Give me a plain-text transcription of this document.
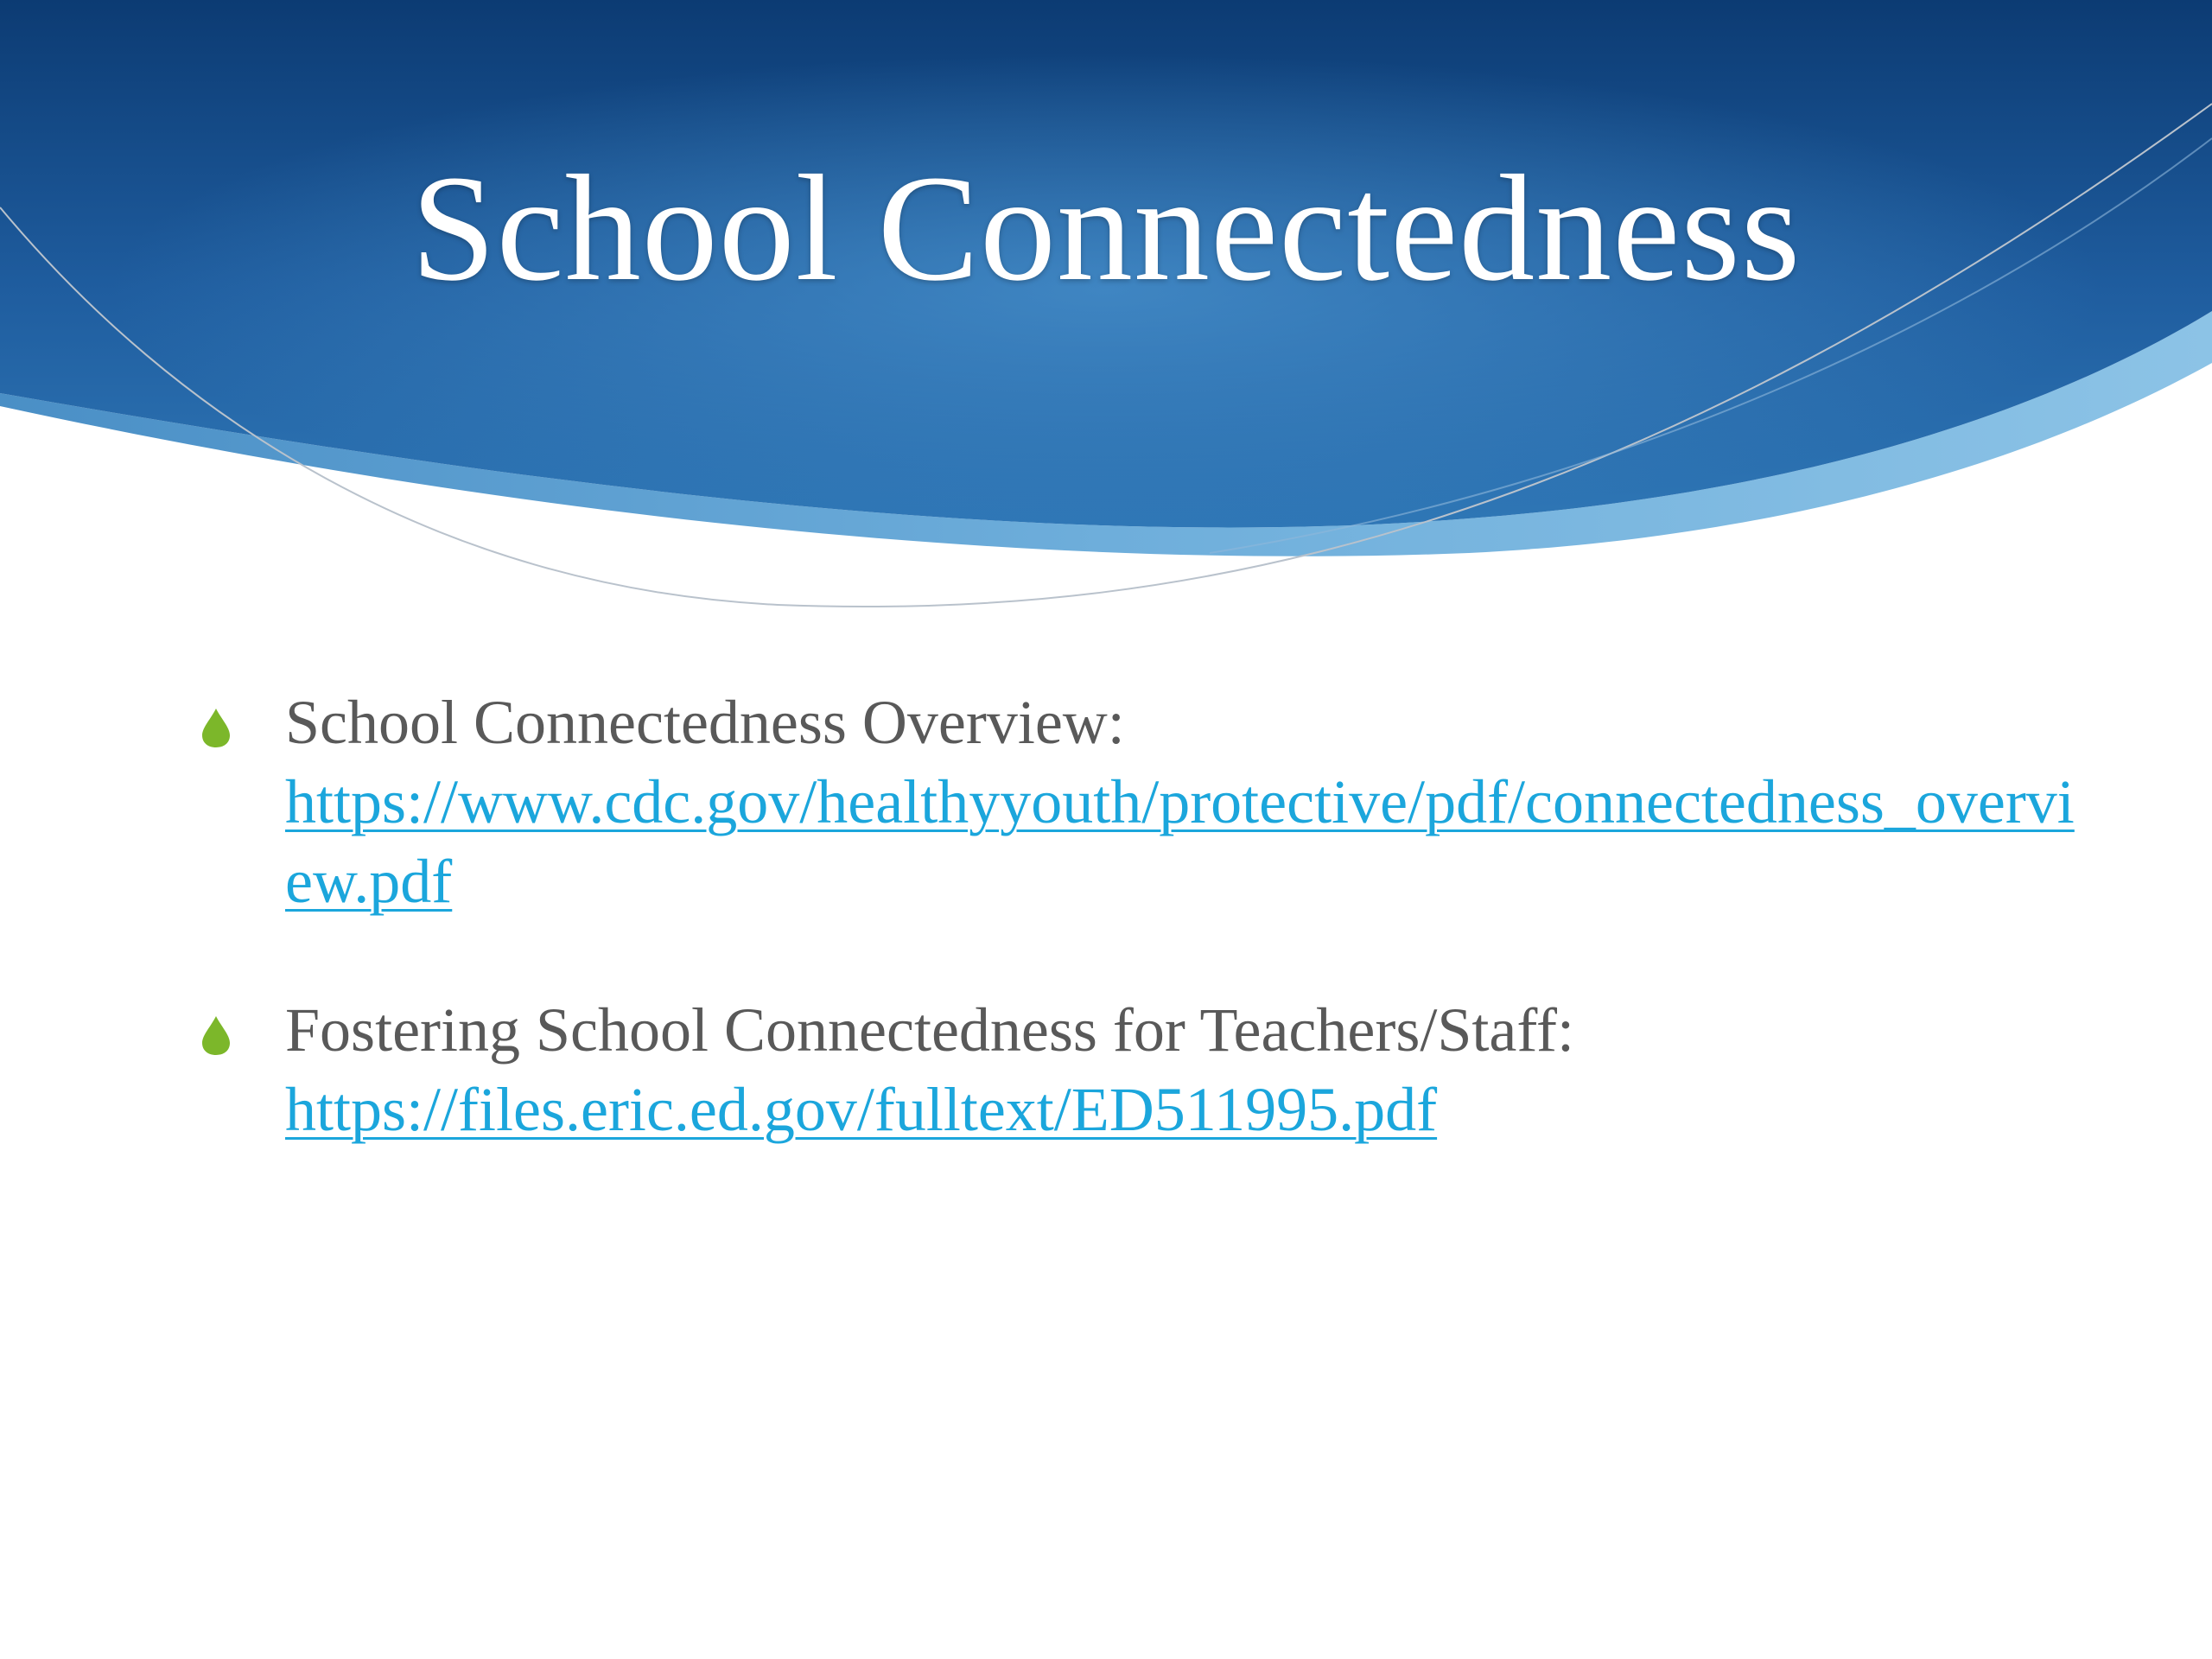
School Connectedness
School Connectedness Overview:
https://www.cdc.gov/healthyyouth/protective/pdf/connectedness_overview.pdf
Fostering School Connectedness for Teachers/Staff:
https://files.eric.ed.gov/fulltext/ED511995.pdf
